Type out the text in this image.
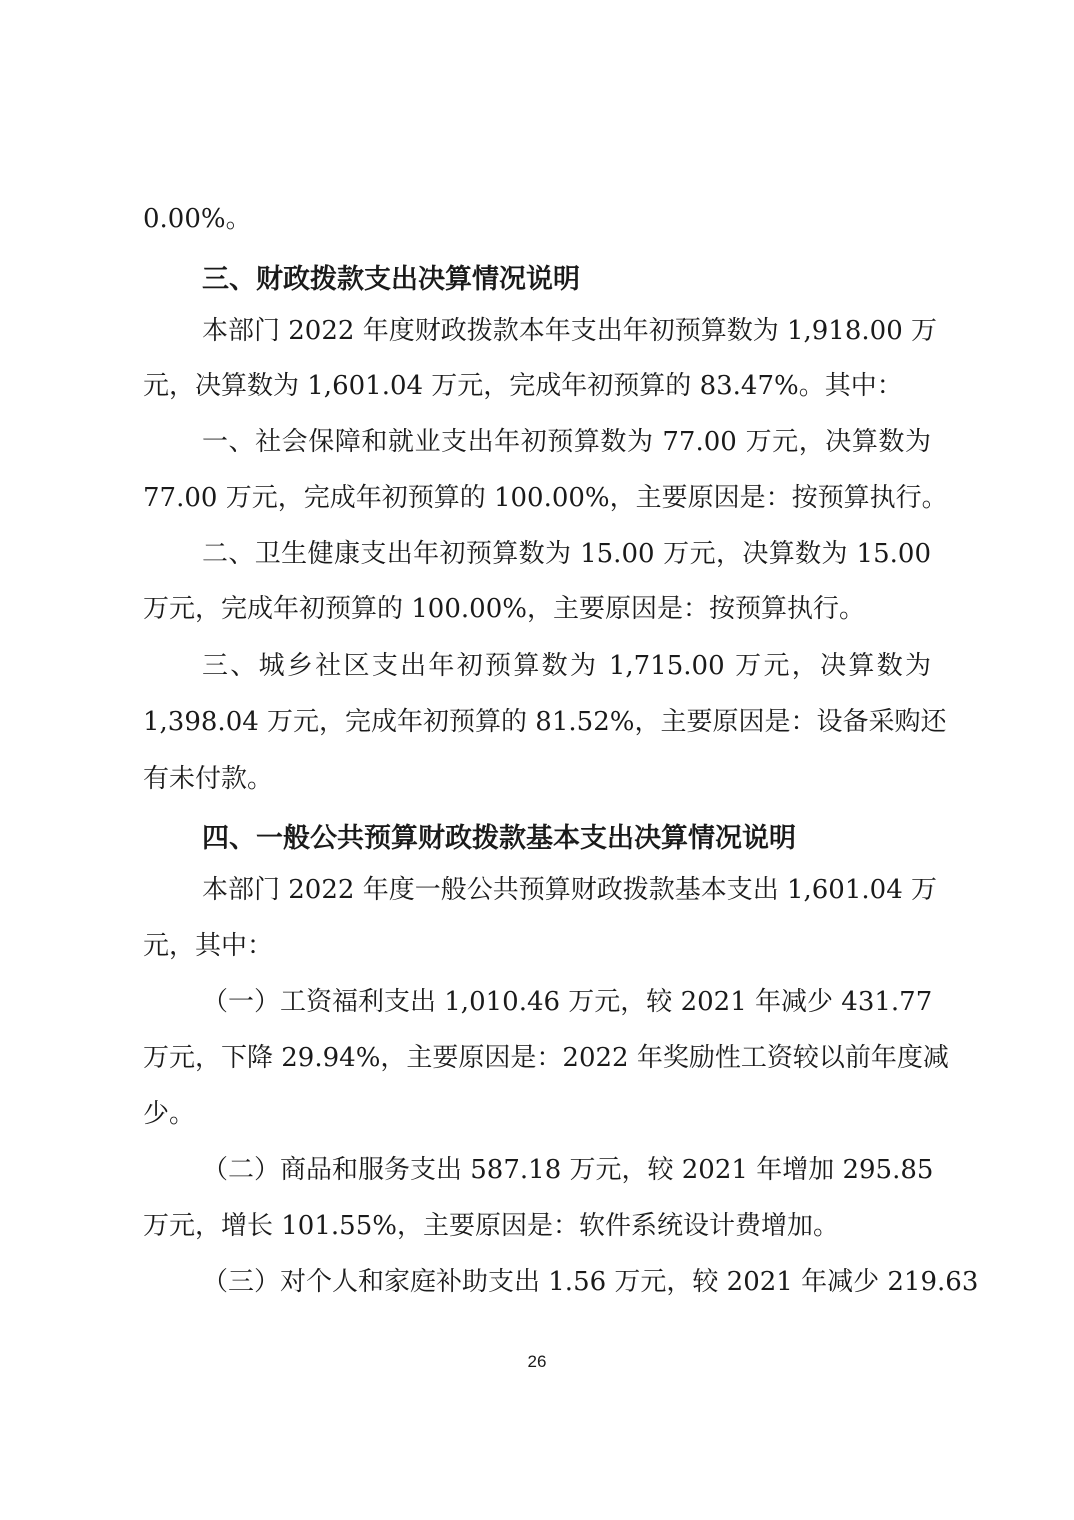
0.00%。
三、财政拨款支出决算情况说明
本部门 2022 年度财政拨款本年支出年初预算数为 1,918.00 万
元，决算数为 1,601.04 万元，完成年初预算的 83.47%。其中：
一、社会保障和就业支出年初预算数为 77.00 万元，决算数为
77.00 万元，完成年初预算的 100.00%，主要原因是：按预算执行。
二、卫生健康支出年初预算数为 15.00 万元，决算数为 15.00
万元，完成年初预算的 100.00%，主要原因是：按预算执行。
三、城乡社区支出年初预算数为 1,715.00 万元，决算数为
1,398.04 万元，完成年初预算的 81.52%，主要原因是：设备采购还
有未付款。
四、一般公共预算财政拨款基本支出决算情况说明
本部门 2022 年度一般公共预算财政拨款基本支出 1,601.04 万
元，其中：
（一）工资福利支出 1,010.46 万元，较 2021 年减少 431.77
万元，下降 29.94%，主要原因是：2022 年奖励性工资较以前年度减
少。
（二）商品和服务支出 587.18 万元，较 2021 年增加 295.85
万元，增长 101.55%，主要原因是：软件系统设计费增加。
（三）对个人和家庭补助支出 1.56 万元，较 2021 年减少 219.63
26
